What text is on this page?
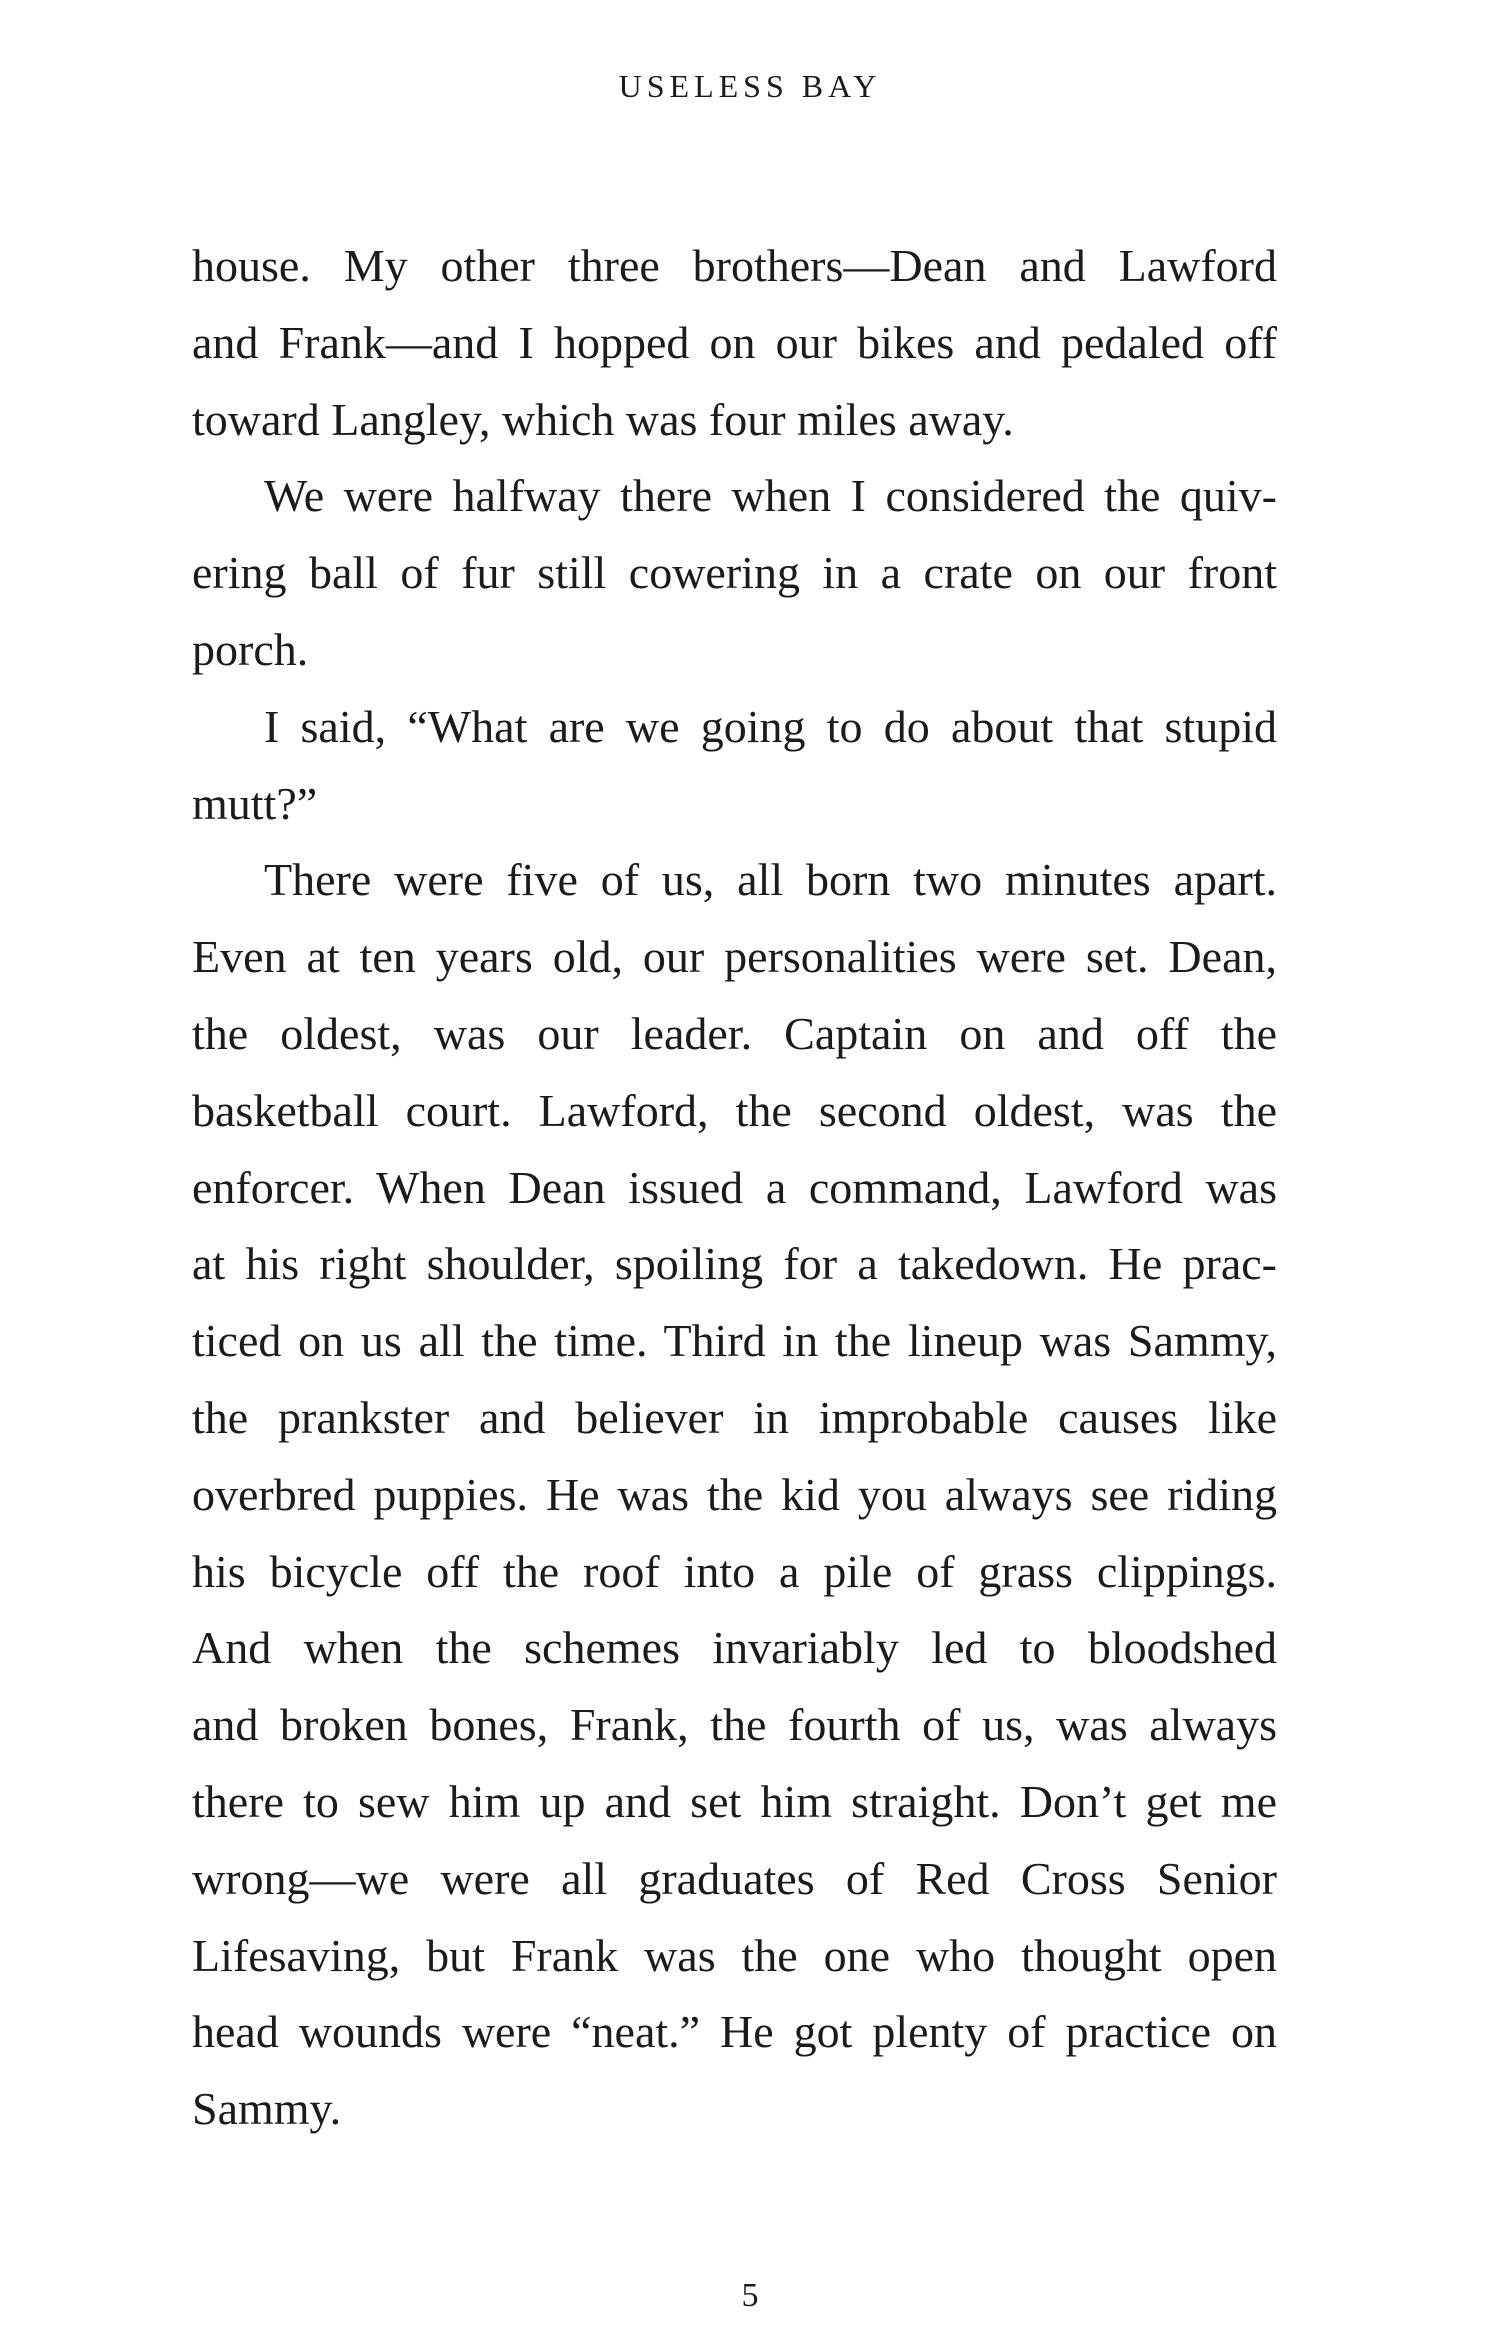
USELESS BAY
house. My other three brothers—Dean and Lawford
and Frank—and I hopped on our bikes and pedaled off
toward Langley, which was four miles away.
We were halfway there when I considered the quiv-
ering ball of fur still cowering in a crate on our front
porch.
I said, “What are we going to do about that stupid
mutt?”
There were five of us, all born two minutes apart.
Even at ten years old, our personalities were set. Dean,
the oldest, was our leader. Captain on and off the
basketball court. Lawford, the second oldest, was the
enforcer. When Dean issued a command, Lawford was
at his right shoulder, spoiling for a takedown. He prac-
ticed on us all the time. Third in the lineup was Sammy,
the prankster and believer in improbable causes like
overbred puppies. He was the kid you always see riding
his bicycle off the roof into a pile of grass clippings.
And when the schemes invariably led to bloodshed
and broken bones, Frank, the fourth of us, was always
there to sew him up and set him straight. Don’t get me
wrong—we were all graduates of Red Cross Senior
Lifesaving, but Frank was the one who thought open
head wounds were “neat.” He got plenty of practice on
Sammy.
5
